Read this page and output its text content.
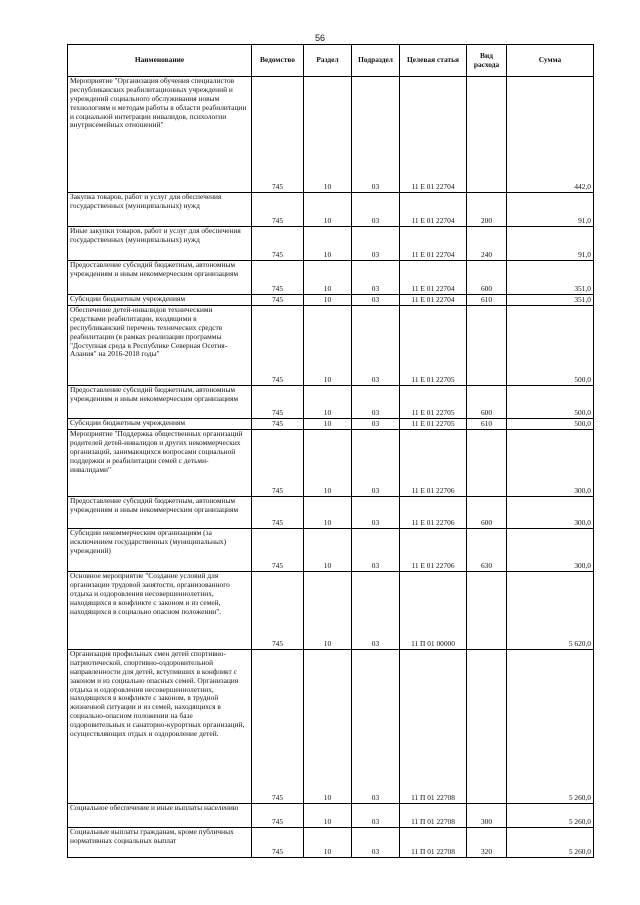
56
Наименование	Ведомство	Раздел	Подраздел	Целевая статья	Вид расхода	Сумма
Мероприятие "Организация обучения специалистов республиканских реабилитационных учреждений и учреждений социального обслуживания новым технологиям и методам работы в области реабилитации и социальной интеграции инвалидов, психологии внутрисемейных отношений"	745	10	03	11 Е 01 22704		442,0
Закупка товаров, работ и услуг для обеспечения государственных (муниципальных) нужд	745	10	03	11 Е 01 22704	200	91,0
Иные закупки товаров, работ и услуг для обеспечения государственных (муниципальных) нужд	745	10	03	11 Е 01 22704	240	91,0
Предоставление субсидий бюджетным, автономным учреждениям и иным некоммерческим организациям	745	10	03	11 Е 01 22704	600	351,0
Субсидии бюджетным учреждениям	745	10	03	11 Е 01 22704	610	351,0
Обеспечение детей-инвалидов техническими средствами реабилитации, входящими в республиканский перечень технических средств реабилитации (в рамках реализации программы "Доступная среда в Республике Северная Осетия-Алания" на 2016-2018 годы"	745	10	03	11 Е 01 22705		500,0
Предоставление субсидий бюджетным, автономным учреждениям и иным некоммерческим организациям	745	10	03	11 Е 01 22705	600	500,0
Субсидии бюджетным учреждениям	745	10	03	11 Е 01 22705	610	500,0
Мероприятие "Поддержка общественных организаций родителей детей-инвалидов и других некоммерческих организаций, занимающихся вопросами социальной поддержки и реабилитации семей с детьми-инвалидами"	745	10	03	11 Е 01 22706		300,0
Предоставление субсидий бюджетным, автономным учреждениям и иным некоммерческим организациям	745	10	03	11 Е 01 22706	600	300,0
Субсидии некоммерческим организациям (за исключением государственных (муниципальных) учреждений)	745	10	03	11 Е 01 22706	630	300,0
Основное мероприятие "Создание условий для организации трудовой занятости, организованного отдыха и оздоровления несовершеннолетних, находящихся в конфликте с законом и из семей, находящихся в социально опасном положении".	745	10	03	11 П 01 00000		5 620,0
Организация профильных смен детей спортивно-патриотической, спортивно-оздоровительной направленности для детей, вступивших в конфликт с законом и из социально опасных семей. Организация отдыха и оздоровления несовершеннолетних, находящихся в конфликте с законом, в трудной жизненной ситуации и из семей, находящихся в социально-опасном положении на базе оздоровительных и санаторно-курортных организаций, осуществляющих отдых и оздоровление детей.	745	10	03	11 П 01 22708		5 260,0
Социальное обеспечение и иные выплаты населению	745	10	03	11 П 01 22708	300	5 260,0
Социальные выплаты гражданам, кроме публичных нормативных социальных выплат	745	10	03	11 П 01 22708	320	5 260,0
